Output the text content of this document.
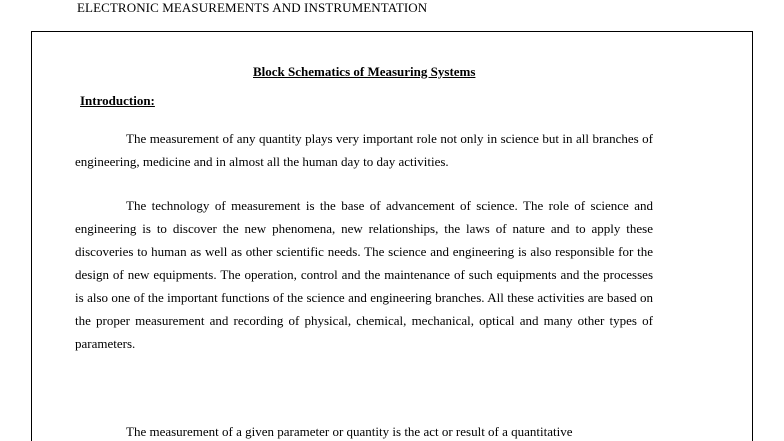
ELECTRONIC MEASUREMENTS AND INSTRUMENTATION
Block Schematics of Measuring Systems
Introduction:
The measurement of any quantity plays very important role not only in science but in all branches of engineering, medicine and in almost all the human day to day activities.
The technology of measurement is the base of advancement of science. The role of science and engineering is to discover the new phenomena, new relationships, the laws of nature and to apply these discoveries to human as well as other scientific needs. The science and engineering is also responsible for the design of new equipments. The operation, control and the maintenance of such equipments and the processes is also one of the important functions of the science and engineering branches. All these activities are based on the proper measurement and recording of physical, chemical, mechanical, optical and many other types of parameters.
The measurement of a given parameter or quantity is the act or result of a quantitative
